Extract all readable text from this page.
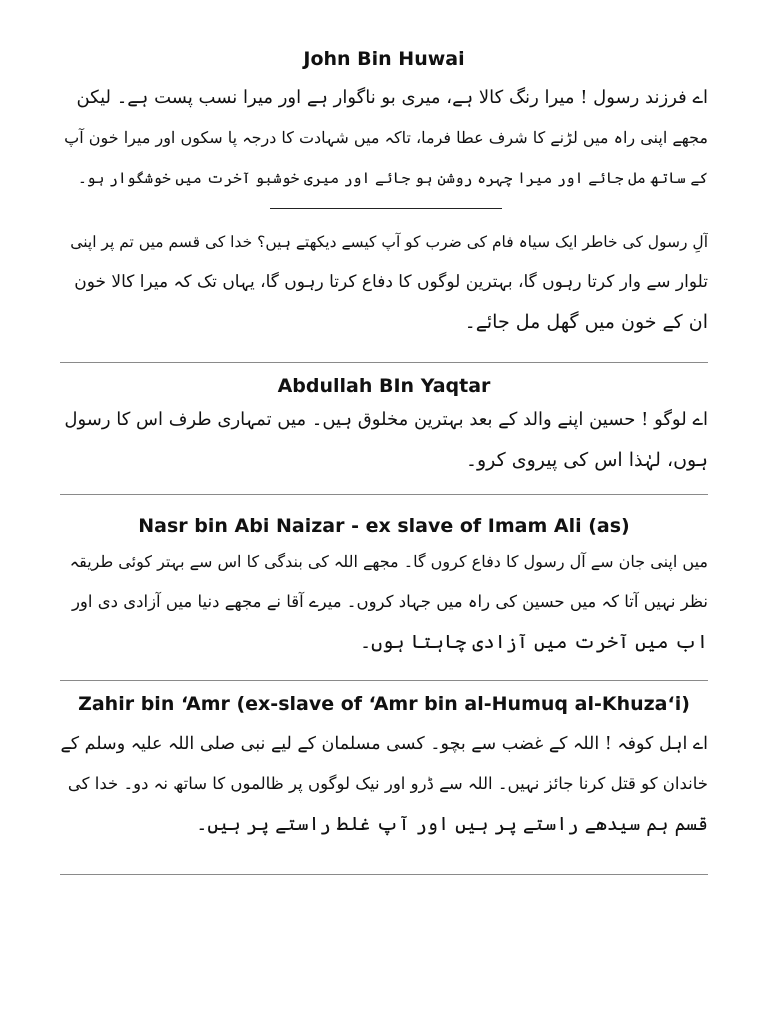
John Bin Huwai

اے فرزند رسول ! میرا رنگ کالا ہے، میری بو ناگوار ہے اور میرا نسب پست ہے۔ لیکن
مجھے اپنی راہ میں لڑنے کا شرف عطا فرما، تاکہ میں شہادت کا درجہ پا سکوں اور میرا خون آپ
کے ساتھ مل جائے اور میرا چہرہ روشن ہو جائے اور میری خوشبو آخرت میں خوشگوار ہو۔

آلِ رسول کی خاطر ایک سیاہ فام کی ضرب کو آپ کیسے دیکھتے ہیں؟ خدا کی قسم میں تم پر اپنی
تلوار سے وار کرتا رہوں گا، بہترین لوگوں کا دفاع کرتا رہوں گا، یہاں تک کہ میرا کالا خون
ان کے خون میں گھل مل جائے۔

Abdullah BIn Yaqtar

اے لوگو ! حسین اپنے والد کے بعد بہترین مخلوق ہیں۔ میں تمہاری طرف اس کا رسول
ہوں، لہٰذا اس کی پیروی کرو۔

Nasr bin Abi Naizar - ex slave of Imam Ali (as)

میں اپنی جان سے آل رسول کا دفاع کروں گا۔ مجھے اللہ کی بندگی کا اس سے بہتر کوئی طریقہ
نظر نہیں آتا کہ میں حسین کی راہ میں جہاد کروں۔ میرے آقا نے مجھے دنیا میں آزادی دی اور
اب میں آخرت میں آزادی چاہتا ہوں۔

Zahir bin ‘Amr (ex-slave of ‘Amr bin al-Humuq al-Khuza‘i)

اے اہل کوفہ ! اللہ کے غضب سے بچو۔ کسی مسلمان کے لیے نبی صلی اللہ علیہ وسلم کے
خاندان کو قتل کرنا جائز نہیں۔ اللہ سے ڈرو اور نیک لوگوں پر ظالموں کا ساتھ نہ دو۔ خدا کی
قسم ہم سیدھے راستے پر ہیں اور آپ غلط راستے پر ہیں۔
